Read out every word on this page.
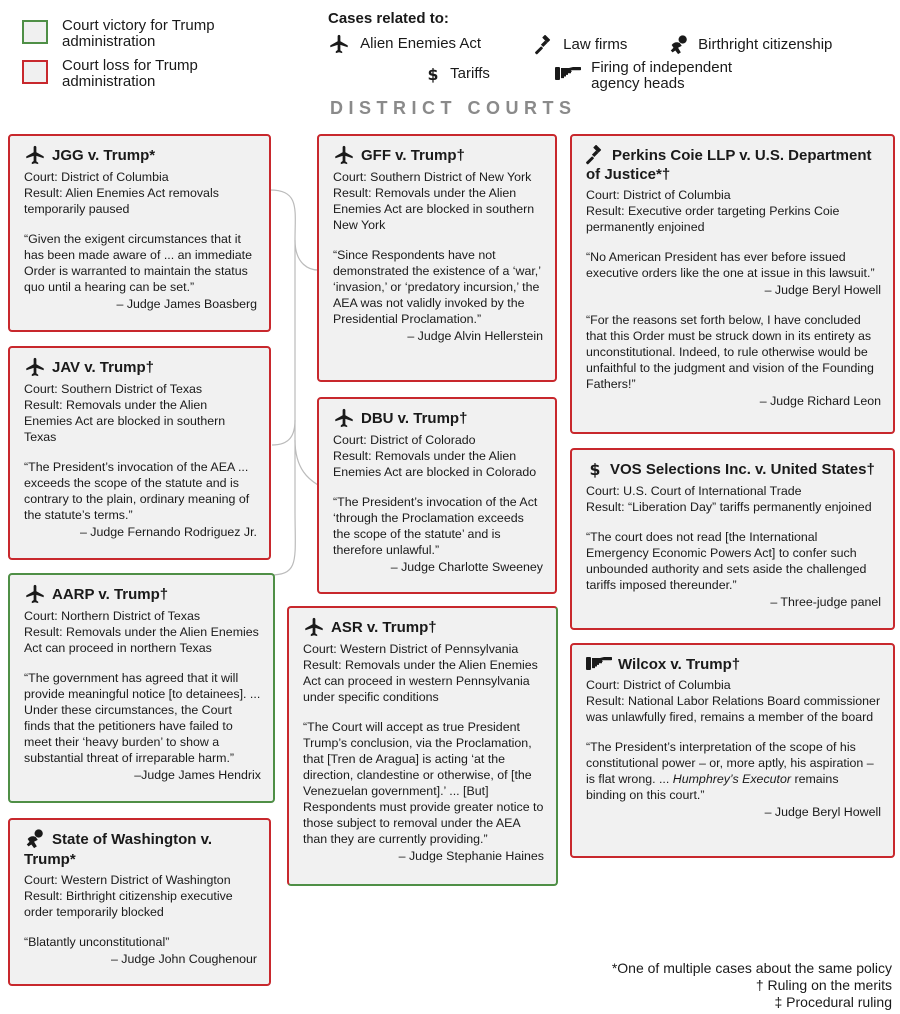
Court victory for Trump administration
Court loss for Trump administration
Cases related to:
Alien Enemies Act	Law firms	Birthright citizenship
Tariffs	Firing of independent agency heads
DISTRICT COURTS
JGG v. Trump*
Court: District of Columbia
Result: Alien Enemies Act removals temporarily paused
“Given the exigent circumstances that it has been made aware of ... an immediate Order is warranted to maintain the status quo until a hearing can be set.”
– Judge James Boasberg
JAV v. Trump†
Court: Southern District of Texas
Result: Removals under the Alien Enemies Act are blocked in southern Texas
“The President’s invocation of the AEA ... exceeds the scope of the statute and is contrary to the plain, ordinary meaning of the statute’s terms.”
– Judge Fernando Rodriguez Jr.
AARP v. Trump†
Court: Northern District of Texas
Result: Removals under the Alien Enemies Act can proceed in northern Texas
“The government has agreed that it will provide meaningful notice [to detainees]. ... Under these circumstances, the Court finds that the petitioners have failed to meet their ‘heavy burden’ to show a substantial threat of irreparable harm.”
–Judge James Hendrix
State of Washington v. Trump*
Court: Western District of Washington
Result: Birthright citizenship executive order temporarily blocked
“Blatantly unconstitutional”
– Judge John Coughenour
GFF v. Trump†
Court: Southern District of New York
Result: Removals under the Alien Enemies Act are blocked in southern New York
“Since Respondents have not demonstrated the existence of a ‘war,’ ‘invasion,’ or ‘predatory incursion,’ the AEA was not validly invoked by the Presidential Proclamation.”
– Judge Alvin Hellerstein
DBU v. Trump†
Court: District of Colorado
Result: Removals under the Alien Enemies Act are blocked in Colorado
“The President’s invocation of the Act ‘through the Proclamation exceeds the scope of the statute’ and is therefore unlawful.”
– Judge Charlotte Sweeney
ASR v. Trump†
Court: Western District of Pennsylvania
Result: Removals under the Alien Enemies Act can proceed in western Pennsylvania under specific conditions
“The Court will accept as true President Trump’s conclusion, via the Proclamation, that [Tren de Aragua] is acting ‘at the direction, clandestine or otherwise, of [the Venezuelan government].’ ... [But] Respondents must provide greater notice to those subject to removal under the AEA than they are currently providing.”
– Judge Stephanie Haines
Perkins Coie LLP v. U.S. Department of Justice*†
Court: District of Columbia
Result: Executive order targeting Perkins Coie permanently enjoined
“No American President has ever before issued executive orders like the one at issue in this lawsuit.”
– Judge Beryl Howell
“For the reasons set forth below, I have concluded that this Order must be struck down in its entirety as unconstitutional. Indeed, to rule otherwise would be unfaithful to the judgment and vision of the Founding Fathers!”
– Judge Richard Leon
VOS Selections Inc. v. United States†
Court: U.S. Court of International Trade
Result: “Liberation Day” tariffs permanently enjoined
“The court does not read [the International Emergency Economic Powers Act] to confer such unbounded authority and sets aside the challenged tariffs imposed thereunder.”
– Three-judge panel
Wilcox v. Trump†
Court: District of Columbia
Result: National Labor Relations Board commissioner was unlawfully fired, remains a member of the board
“The President’s interpretation of the scope of his constitutional power – or, more aptly, his aspiration – is flat wrong. ... Humphrey’s Executor remains binding on this court.”
– Judge Beryl Howell
*One of multiple cases about the same policy
† Ruling on the merits
‡ Procedural ruling
